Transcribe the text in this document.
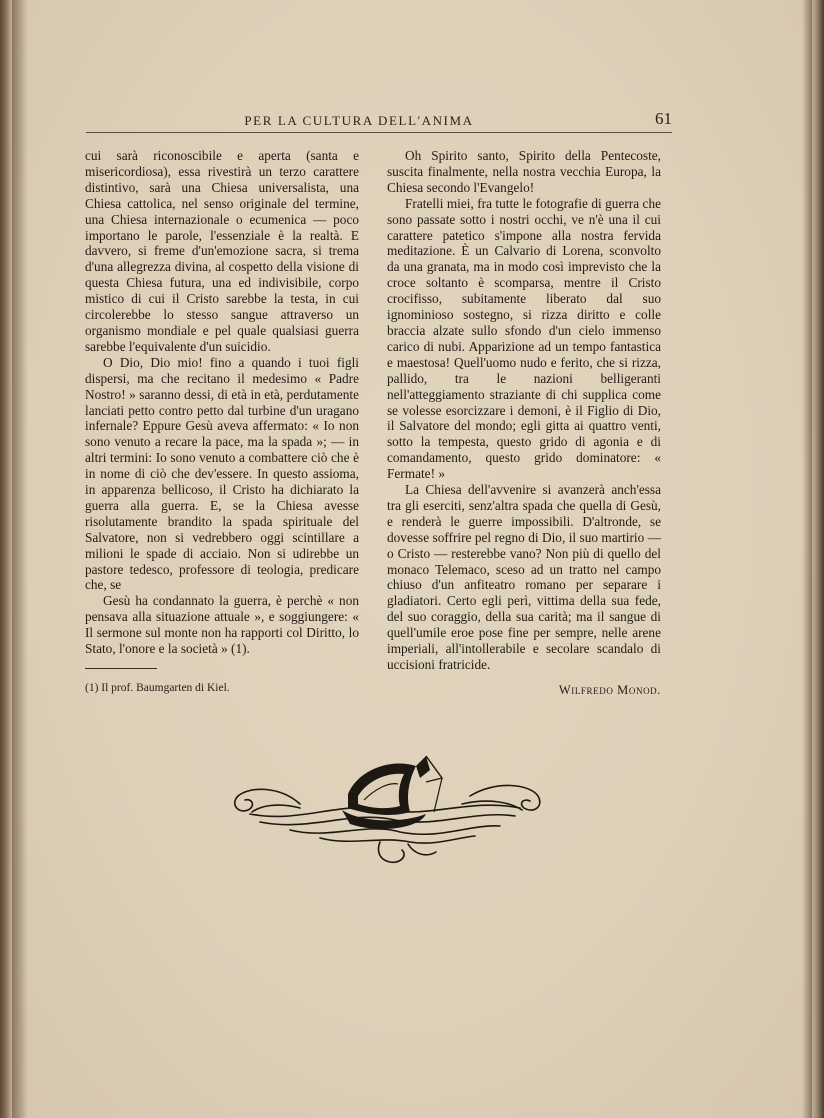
PER LA CULTURA DELL'ANIMA	61

cui sarà riconoscibile e aperta (santa e misericordiosa), essa rivestirà un terzo carattere distintivo, sarà una Chiesa universalista, una Chiesa cattolica, nel senso originale del termine, una Chiesa internazionale o ecumenica — poco importano le parole, l'essenziale è la realtà. E davvero, si freme d'un'emozione sacra, si trema d'una allegrezza divina, al cospetto della visione di questa Chiesa futura, una ed indivisibile, corpo mistico di cui il Cristo sarebbe la testa, in cui circolerebbe lo stesso sangue attraverso un organismo mondiale e pel quale qualsiasi guerra sarebbe l'equivalente d'un suicidio.

O Dio, Dio mio! fino a quando i tuoi figli dispersi, ma che recitano il medesimo « Padre Nostro! » saranno dessi, di età in età, perdutamente lanciati petto contro petto dal turbine d'un uragano infernale? Eppure Gesù aveva affermato: « Io non sono venuto a recare la pace, ma la spada »; — in altri termini: Io sono venuto a combattere ciò che è in nome di ciò che dev'essere. In questo assioma, in apparenza bellicoso, il Cristo ha dichiarato la guerra alla guerra. E, se la Chiesa avesse risolutamente brandito la spada spirituale del Salvatore, non si vedrebbero oggi scintillare a milioni le spade di acciaio. Non si udirebbe un pastore tedesco, professore di teologia, predicare che, se

Gesù ha condannato la guerra, è perchè « non pensava alla situazione attuale », e soggiungere: « Il sermone sul monte non ha rapporti col Diritto, lo Stato, l'onore e la società » (1).

Oh Spirito santo, Spirito della Pentecoste, suscita finalmente, nella nostra vecchia Europa, la Chiesa secondo l'Evangelo!

Fratelli miei, fra tutte le fotografie di guerra che sono passate sotto i nostri occhi, ve n'è una il cui carattere patetico s'impone alla nostra fervida meditazione. È un Calvario di Lorena, sconvolto da una granata, ma in modo così imprevisto che la croce soltanto è scomparsa, mentre il Cristo crocifisso, subitamente liberato dal suo ignominioso sostegno, si rizza diritto e colle braccia alzate sullo sfondo d'un cielo immenso carico di nubi. Apparizione ad un tempo fantastica e maestosa! Quell'uomo nudo e ferito, che si rizza, pallido, tra le nazioni belligeranti nell'atteggiamento straziante di chi supplica come se volesse esorcizzare i demoni, è il Figlio di Dio, il Salvatore del mondo; egli gitta ai quattro venti, sotto la tempesta, questo grido di agonia e di comandamento, questo grido dominatore: « Fermate! »

La Chiesa dell'avvenire si avanzerà anch'essa tra gli eserciti, senz'altra spada che quella di Gesù, e renderà le guerre impossibili. D'altronde, se dovesse soffrire pel regno di Dio, il suo martirio — o Cristo — resterebbe vano? Non più di quello del monaco Telemaco, sceso ad un tratto nel campo chiuso d'un anfiteatro romano per separare i gladiatori. Certo egli perì, vittima della sua fede, del suo coraggio, della sua carità; ma il sangue di quell'umile eroe pose fine per sempre, nelle arene imperiali, all'intollerabile e secolare scandalo di uccisioni fratricide.

(1) Il prof. Baumgarten di Kiel.	Wilfredo Monod.
